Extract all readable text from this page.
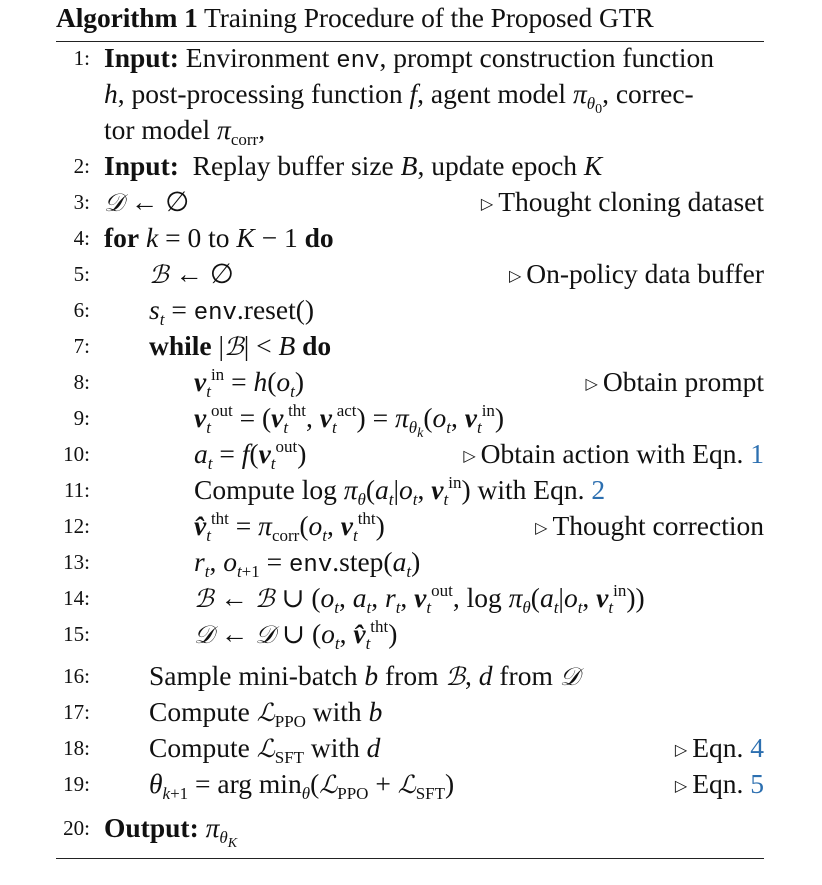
Algorithm 1 Training Procedure of the Proposed GTR
1: Input: Environment env, prompt construction function
h, post-processing function f, agent model $\pi_{\theta_0}$, correc-
tor model $\pi_{corr}$,
2: Input: Replay buffer size B, update epoch K
3: 𝒟 ← ∅	▷ Thought cloning dataset
4: for k = 0 to K − 1 do
5: ℬ ← ∅	▷ On-policy data buffer
6: $s_t$ = env.reset()
7: while |ℬ| < B do
8:	$v_t^{in} = h(o_t)$	▷ Obtain prompt
9:	$v_t^{out} = (v_t^{tht}$, $v_t^{act}) = \pi_{\theta_k}(o_t$, $v_t^{in}$)
10:	$a_t = f(v_t^{out})$	▷ Obtain action with Eqn. 1
11:	Compute $\log \pi_\theta(a_t|o_t$, $v_t^{in}$) with Eqn. 2
12:	$v̂_t^{tht} = \pi_{corr}(o_t$, $v_t^{tht}$)	▷ Thought correction
13:	$r_t$, $o_{t+1}$ = $env.step(a_t)$
14:	ℬ ← ℬ ∪ ($o_t$, $a_t$, $r_t$, $v_t^{out}$, $\log \pi_\theta(a_t|o_t$, $v_t^{in}$))
15:	𝒟 ← 𝒟 ∪ ($o_t$, $v̂_t^{tht}$)
16: Sample mini-batch b from ℬ, d from 𝒟
17: Compute ℒ$_{PPO}$ with b
18: Compute ℒ$_{SFT}$ with d	▷ Eqn. 4
19: $\theta_{k+1}$ = arg $\min_\theta(ℒ_{PPO}$ + ℒ$_{SFT}$)	▷ Eqn. 5
20: Output: $\pi_{\theta_K}$
